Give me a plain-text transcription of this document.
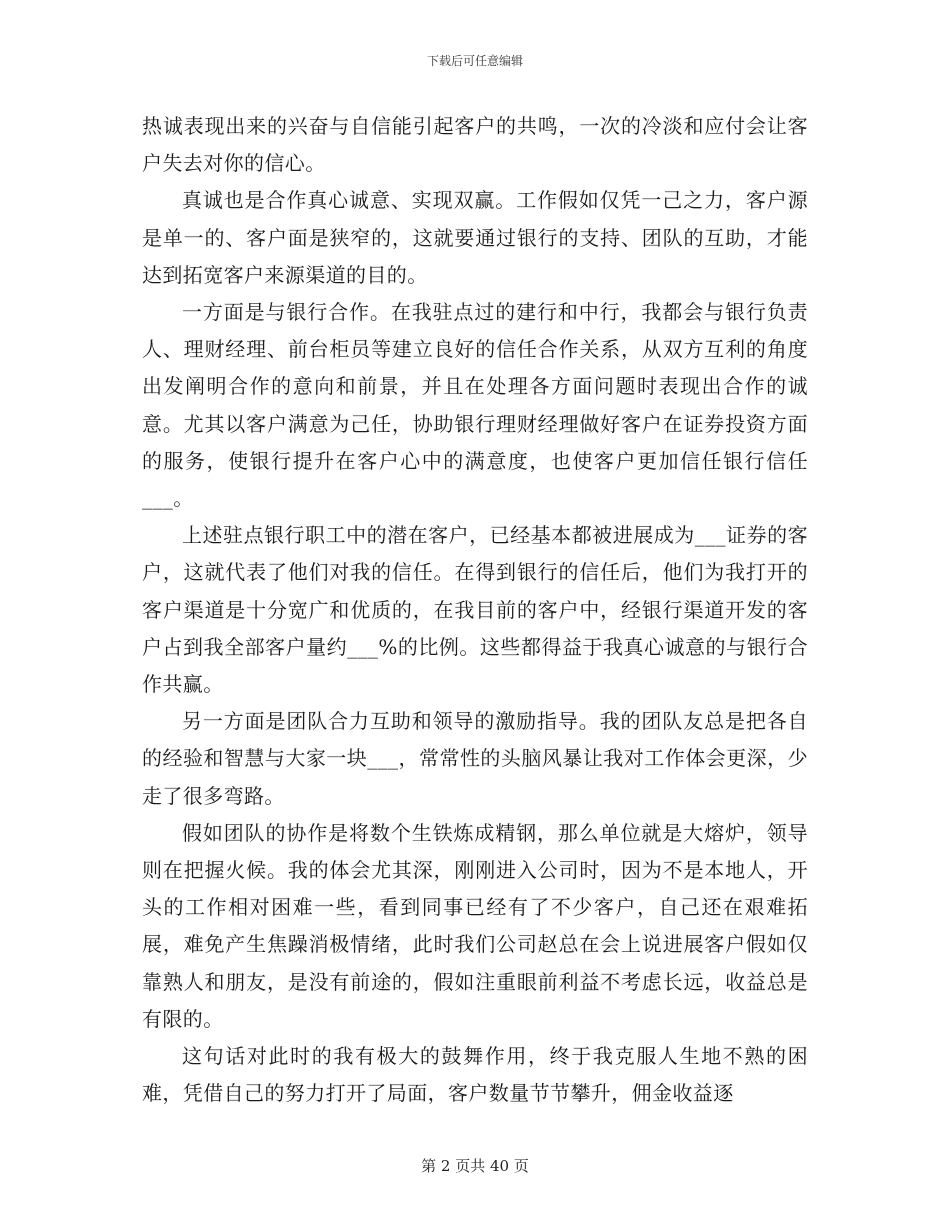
下载后可任意编辑

热诚表现出来的兴奋与自信能引起客户的共鸣，一次的冷淡和应付会让客户失去对你的信心。

真诚也是合作真心诚意、实现双赢。工作假如仅凭一己之力，客户源是单一的、客户面是狭窄的，这就要通过银行的支持、团队的互助，才能达到拓宽客户来源渠道的目的。

一方面是与银行合作。在我驻点过的建行和中行，我都会与银行负责人、理财经理、前台柜员等建立良好的信任合作关系，从双方互利的角度出发阐明合作的意向和前景，并且在处理各方面问题时表现出合作的诚意。尤其以客户满意为己任，协助银行理财经理做好客户在证券投资方面的服务，使银行提升在客户心中的满意度，也使客户更加信任银行信任___。

上述驻点银行职工中的潜在客户，已经基本都被进展成为___证券的客户，这就代表了他们对我的信任。在得到银行的信任后，他们为我打开的客户渠道是十分宽广和优质的，在我目前的客户中，经银行渠道开发的客户占到我全部客户量约___%的比例。这些都得益于我真心诚意的与银行合作共赢。

另一方面是团队合力互助和领导的激励指导。我的团队友总是把各自的经验和智慧与大家一块___，常常性的头脑风暴让我对工作体会更深，少走了很多弯路。

假如团队的协作是将数个生铁炼成精钢，那么单位就是大熔炉，领导则在把握火候。我的体会尤其深，刚刚进入公司时，因为不是本地人，开头的工作相对困难一些，看到同事已经有了不少客户，自己还在艰难拓展，难免产生焦躁消极情绪，此时我们公司赵总在会上说进展客户假如仅靠熟人和朋友，是没有前途的，假如注重眼前利益不考虑长远，收益总是有限的。

这句话对此时的我有极大的鼓舞作用，终于我克服人生地不熟的困难，凭借自己的努力打开了局面，客户数量节节攀升，佣金收益逐

第 2 页共 40 页
